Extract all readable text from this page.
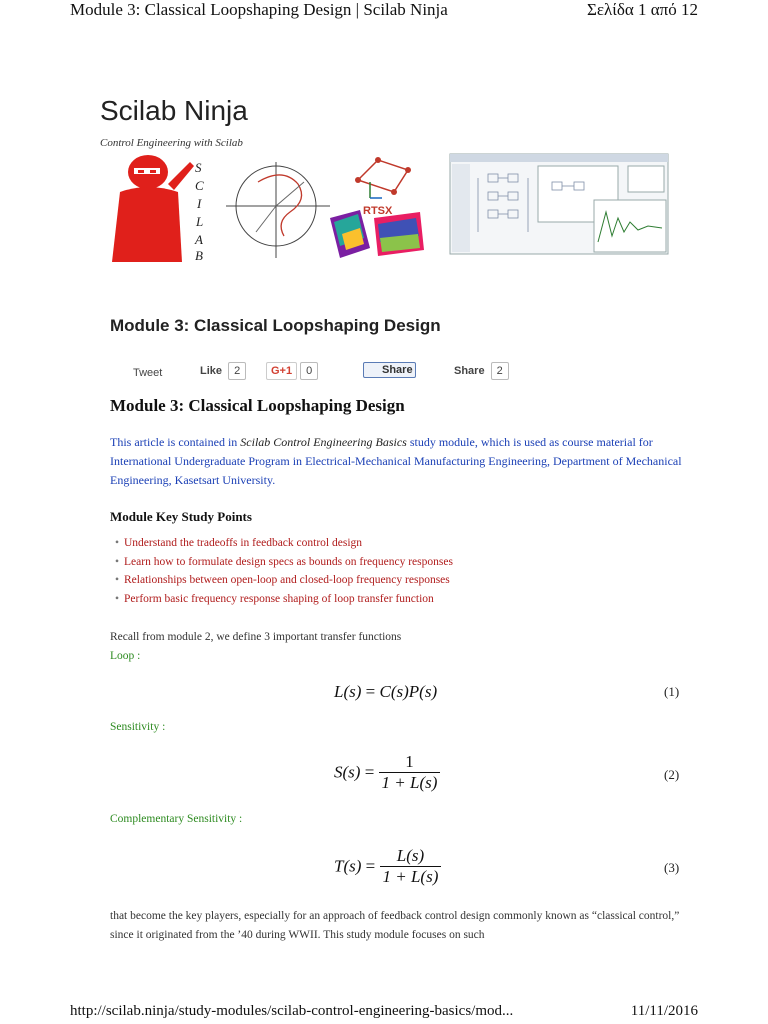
Module 3: Classical Loopshaping Design | Scilab Ninja	Σελίδα 1 από 12
Scilab Ninja
Control Engineering with Scilab
S
C
I
L
A
B
RTSX
Module 3: Classical Loopshaping Design
Tweet	Like 2	G+1 0	Share	Share 2
Module 3: Classical Loopshaping Design
This article is contained in Scilab Control Engineering Basics study module, which is used as course material for International Undergraduate Program in Electrical-Mechanical Manufacturing Engineering, Department of Mechanical Engineering, Kasetsart University.
Module Key Study Points
• Understand the tradeoffs in feedback control design
• Learn how to formulate design specs as bounds on frequency responses
• Relationships between open-loop and closed-loop frequency responses
• Perform basic frequency response shaping of loop transfer function
Recall from module 2, we define 3 important transfer functions
Loop :
L(s) = C(s)P(s)	(1)
Sensitivity :
$S(s) = \frac{1}{1 + L(s)}$	(2)
Complementary Sensitivity :
$T(s) = \frac{L(s)}{1 + L(s)}$	(3)
that become the key players, especially for an approach of feedback control design commonly known as “classical control,” since it originated from the ’40 during WWII. This study module focuses on such
http://scilab.ninja/study-modules/scilab-control-engineering-basics/mod...	11/11/2016
